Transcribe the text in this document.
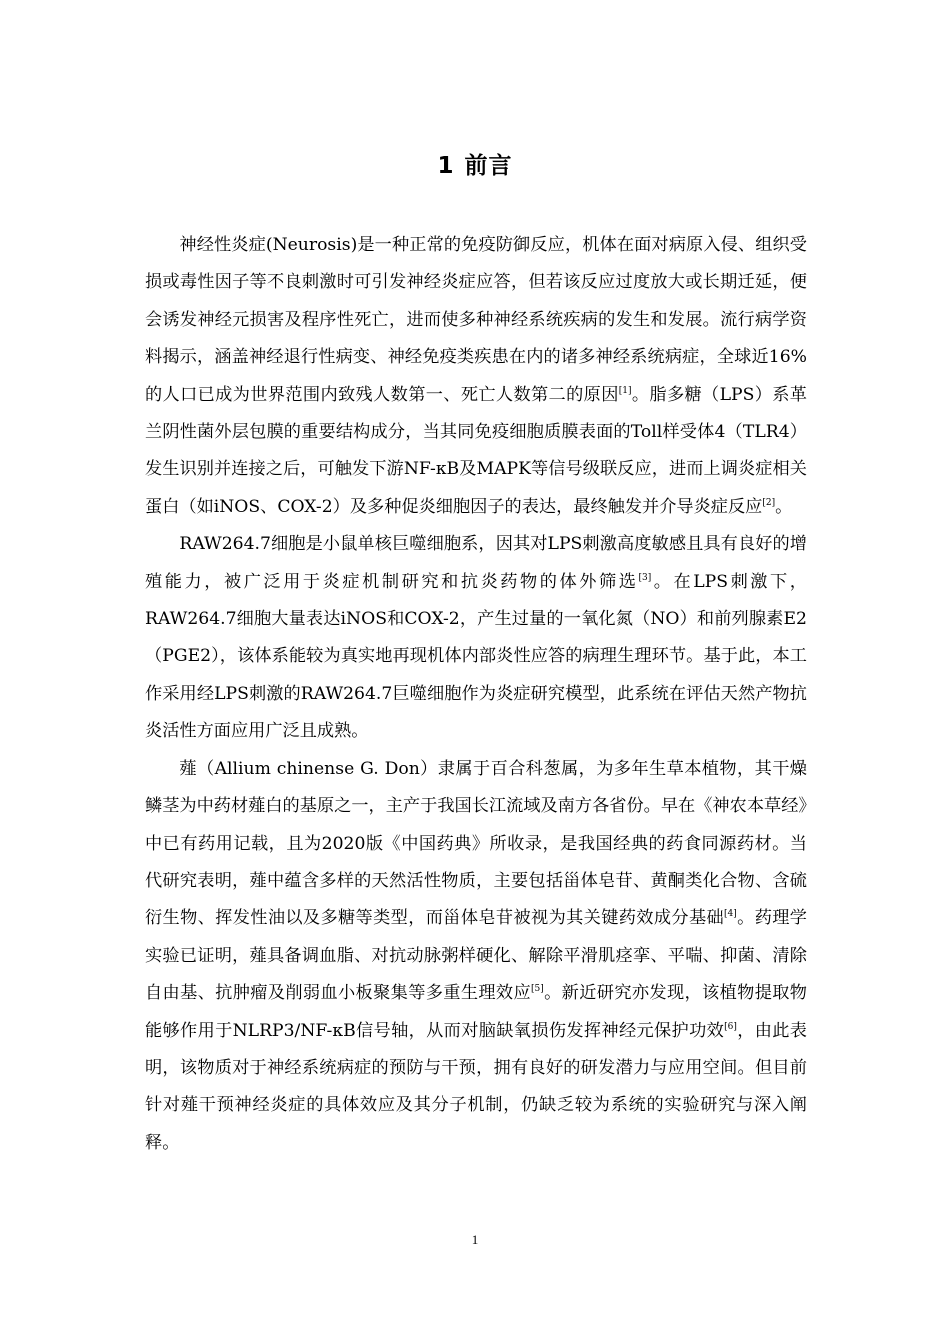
1 前言

神经性炎症(Neurosis)是一种正常的免疫防御反应，机体在面对病原入侵、组织受损或毒性因子等不良刺激时可引发神经炎症应答，但若该反应过度放大或长期迁延，便会诱发神经元损害及程序性死亡，进而使多种神经系统疾病的发生和发展。流行病学资料揭示，涵盖神经退行性病变、神经免疫类疾患在内的诸多神经系统病症，全球近16%的人口已成为世界范围内致残人数第一、死亡人数第二的原因[1]。脂多糖（LPS）系革兰阴性菌外层包膜的重要结构成分，当其同免疫细胞质膜表面的Toll样受体4（TLR4）发生识别并连接之后，可触发下游NF-κB及MAPK等信号级联反应，进而上调炎症相关蛋白（如iNOS、COX-2）及多种促炎细胞因子的表达，最终触发并介导炎症反应[2]。

RAW264.7细胞是小鼠单核巨噬细胞系，因其对LPS刺激高度敏感且具有良好的增殖能力，被广泛用于炎症机制研究和抗炎药物的体外筛选[3]。在LPS刺激下，RAW264.7细胞大量表达iNOS和COX-2，产生过量的一氧化氮（NO）和前列腺素E2（PGE2），该体系能较为真实地再现机体内部炎性应答的病理生理环节。基于此，本工作采用经LPS刺激的RAW264.7巨噬细胞作为炎症研究模型，此系统在评估天然产物抗炎活性方面应用广泛且成熟。

薤（Allium chinense G. Don）隶属于百合科葱属，为多年生草本植物，其干燥鳞茎为中药材薤白的基原之一，主产于我国长江流域及南方各省份。早在《神农本草经》中已有药用记载，且为2020版《中国药典》所收录，是我国经典的药食同源药材。当代研究表明，薤中蕴含多样的天然活性物质，主要包括甾体皂苷、黄酮类化合物、含硫衍生物、挥发性油以及多糖等类型，而甾体皂苷被视为其关键药效成分基础[4]。药理学实验已证明，薤具备调血脂、对抗动脉粥样硬化、解除平滑肌痉挛、平喘、抑菌、清除自由基、抗肿瘤及削弱血小板聚集等多重生理效应[5]。新近研究亦发现，该植物提取物能够作用于NLRP3/NF-κB信号轴，从而对脑缺氧损伤发挥神经元保护功效[6]，由此表明，该物质对于神经系统病症的预防与干预，拥有良好的研发潜力与应用空间。但目前针对薤干预神经炎症的具体效应及其分子机制，仍缺乏较为系统的实验研究与深入阐释。

1
